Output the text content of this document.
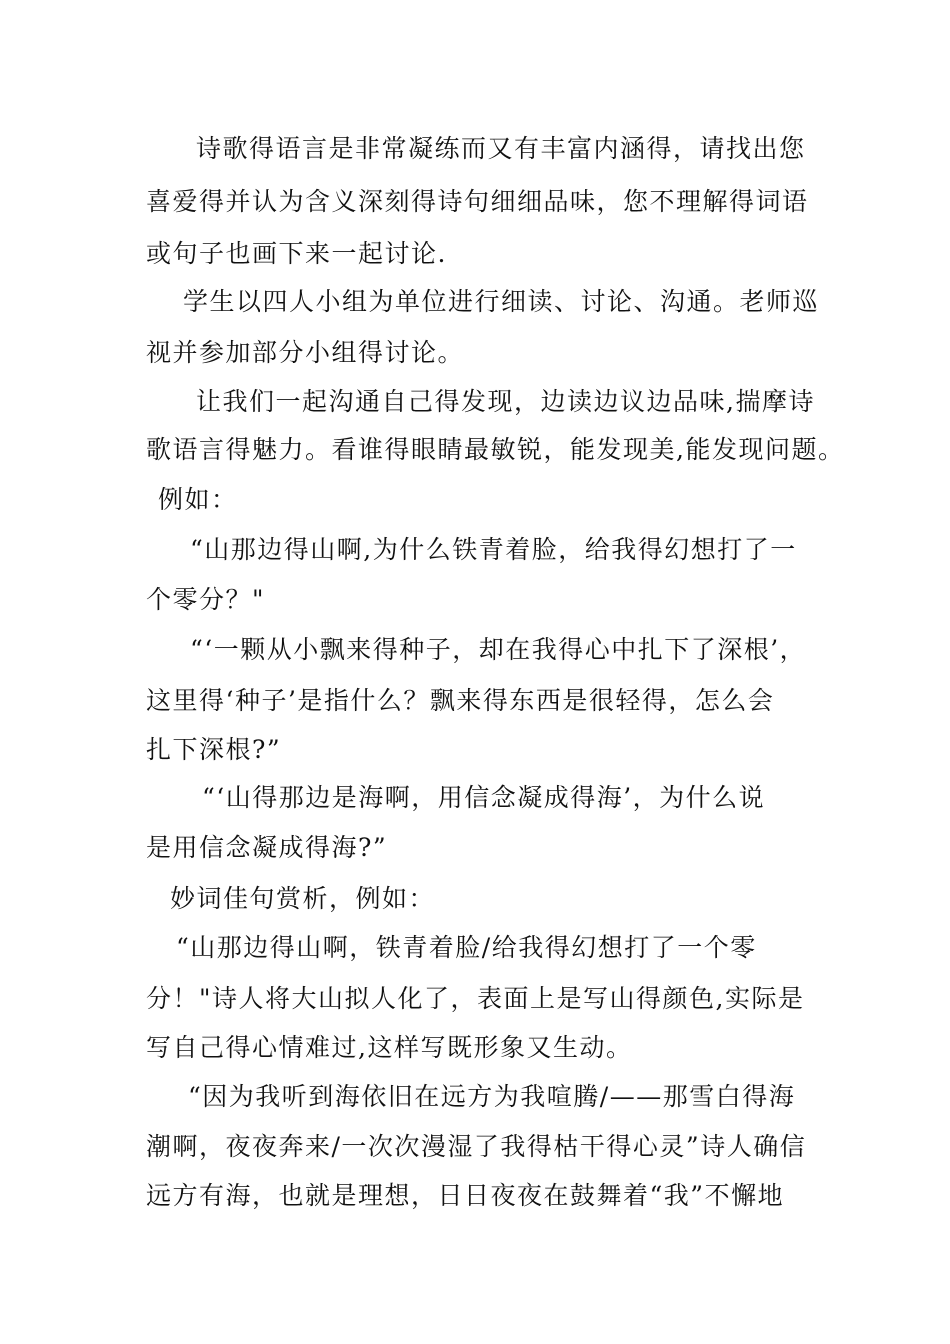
诗歌得语言是非常凝练而又有丰富内涵得，请找出您

喜爱得并认为含义深刻得诗句细细品味，您不理解得词语

或句子也画下来一起讨论.

学生以四人小组为单位进行细读、讨论、沟通。老师巡

视并参加部分小组得讨论。

让我们一起沟通自己得发现，边读边议边品味,揣摩诗

歌语言得魅力。看谁得眼睛最敏锐，能发现美,能发现问题。

例如：

“山那边得山啊,为什么铁青着脸，给我得幻想打了一

个零分？"

“‘一颗从小飘来得种子，却在我得心中扎下了深根’，

这里得‘种子’是指什么？飘来得东西是很轻得，怎么会

扎下深根?”

“‘山得那边是海啊，用信念凝成得海’，为什么说

是用信念凝成得海?”

妙词佳句赏析，例如：

“山那边得山啊，铁青着脸/给我得幻想打了一个零

分！"诗人将大山拟人化了，表面上是写山得颜色,实际是

写自己得心情难过,这样写既形象又生动。

“因为我听到海依旧在远方为我喧腾/——那雪白得海

潮啊，夜夜奔来/一次次漫湿了我得枯干得心灵”诗人确信

远方有海，也就是理想，日日夜夜在鼓舞着“我”不懈地
